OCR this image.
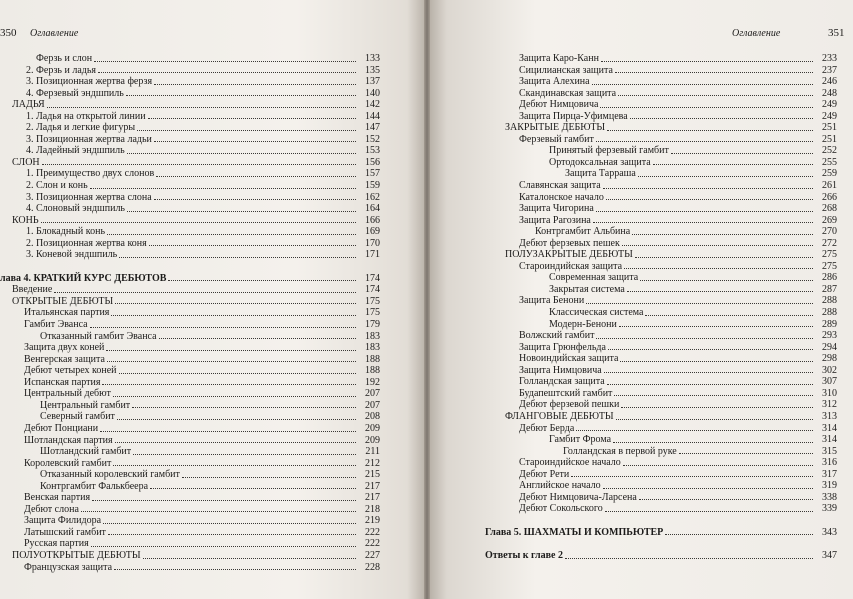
350 Оглавление
Ферзь и слон	133
2. Ферзь и ладья	135
3. Позиционная жертва ферзя	137
4. Ферзевый эндшпиль	140
ЛАДЬЯ	142
1. Ладья на открытой линии	144
2. Ладья и легкие фигуры	147
3. Позиционная жертва ладьи	152
4. Ладейный эндшпиль	153
СЛОН	156
1. Преимущество двух слонов	157
2. Слон и конь	159
3. Позиционная жертва слона	162
4. Слоновый эндшпиль	164
КОНЬ	166
1. Блокадный конь	169
2. Позиционная жертва коня	170
3. Коневой эндшпиль	171
лава 4. КРАТКИЙ КУРС ДЕБЮТОВ	174
Введение	174
ОТКРЫТЫЕ ДЕБЮТЫ	175
Итальянская партия	175
Гамбит Эванса	179
Отказанный гамбит Эванса	183
Защита двух коней	183
Венгерская защита	188
Дебют четырех коней	188
Испанская партия	192
Центральный дебют	207
Центральный гамбит	207
Северный гамбит	208
Дебют Понциани	209
Шотландская партия	209
Шотландский гамбит	211
Королевский гамбит	212
Отказанный королевский гамбит	215
Контргамбит Фалькбеера	217
Венская партия	217
Дебют слона	218
Защита Филидора	219
Латышский гамбит	222
Русская партия	222
ПОЛУОТКРЫТЫЕ ДЕБЮТЫ	227
Французская защита	228
Оглавление	351
Защита Каро-Канн	233
Сицилианская защита	237
Защита Алехина	246
Скандинавская защита	248
Дебют Нимцовича	249
Защита Пирца-Уфимцева	249
ЗАКРЫТЫЕ ДЕБЮТЫ	251
Ферзевый гамбит	251
Принятый ферзевый гамбит	252
Ортодоксальная защита	255
Защита Тарраша	259
Славянская защита	261
Каталонское начало	266
Защита Чигорина	268
Защита Рагозина	269
Контргамбит Альбина	270
Дебют ферзевых пешек	272
ПОЛУЗАКРЫТЫЕ ДЕБЮТЫ	275
Староиндийская защита	275
Современная защита	286
Закрытая система	287
Защита Бенони	288
Классическая система	288
Модерн-Бенони	289
Волжский гамбит	293
Защита Грюнфельда	294
Новоиндийская защита	298
Защита Нимцовича	302
Голландская защита	307
Будапештский гамбит	310
Дебют ферзевой пешки	312
ФЛАНГОВЫЕ ДЕБЮТЫ	313
Дебют Берда	314
Гамбит Фрома	314
Голландская в первой руке	315
Староиндийское начало	316
Дебют Рети	317
Английское начало	319
Дебют Нимцовича-Ларсена	338
Дебют Сокольского	339
Глава 5. ШАХМАТЫ И КОМПЬЮТЕР	343
Ответы к главе 2	347
